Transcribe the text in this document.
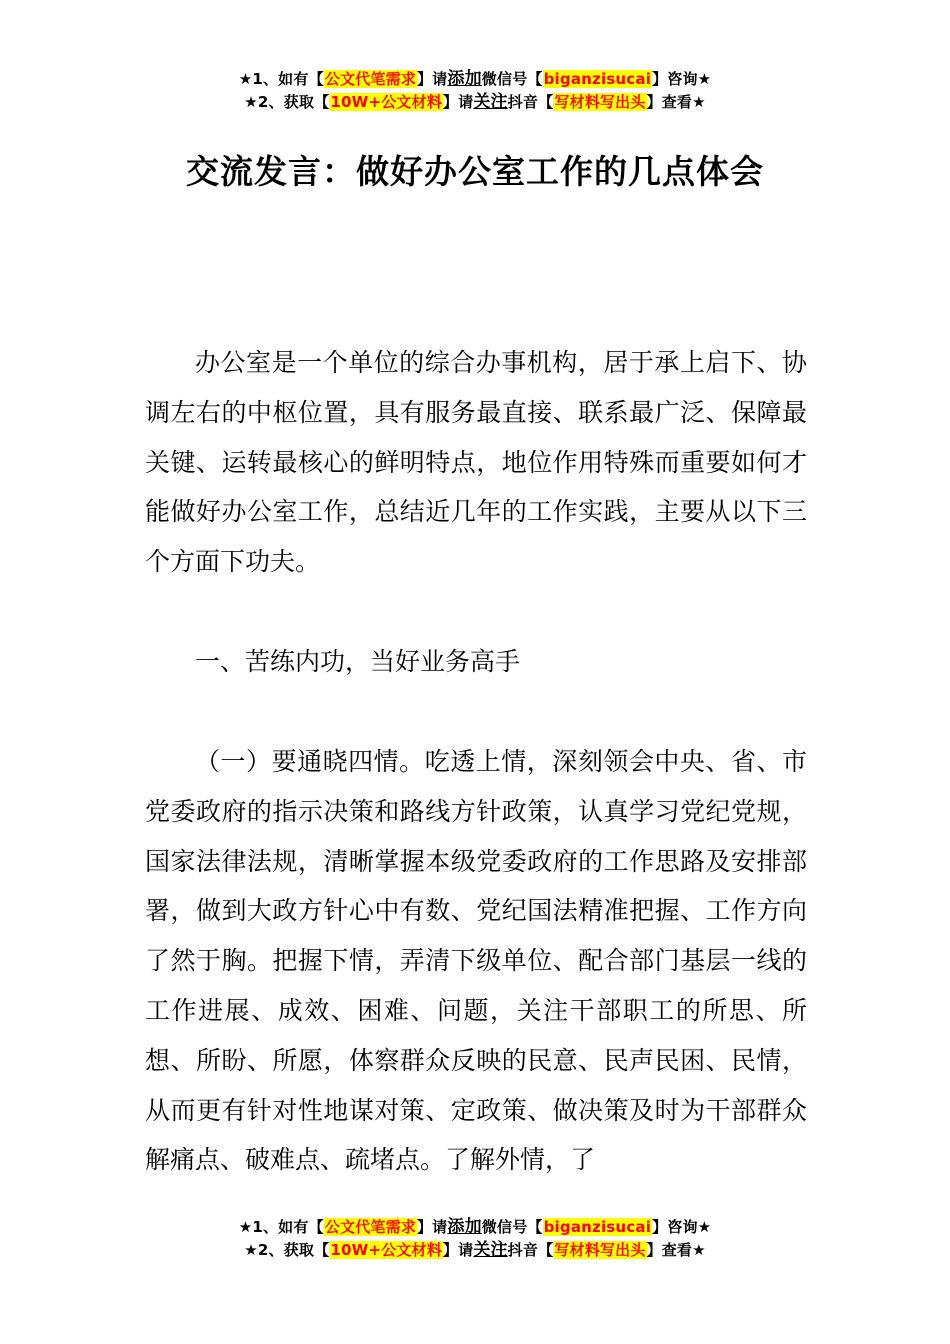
★1、如有【公文代笔需求】请添加微信号【biganzisucai】咨询★
★2、获取【10W+公文材料】请关注抖音【写材料写出头】查看★
交流发言：做好办公室工作的几点体会

办公室是一个单位的综合办事机构，居于承上启下、协调左右的中枢位置，具有服务最直接、联系最广泛、保障最关键、运转最核心的鲜明特点，地位作用特殊而重要如何才能做好办公室工作，总结近几年的工作实践，主要从以下三个方面下功夫。

一、苦练内功，当好业务高手

（一）要通晓四情。吃透上情，深刻领会中央、省、市党委政府的指示决策和路线方针政策，认真学习党纪党规，国家法律法规，清晰掌握本级党委政府的工作思路及安排部署，做到大政方针心中有数、党纪国法精准把握、工作方向了然于胸。把握下情，弄清下级单位、配合部门基层一线的工作进展、成效、困难、问题，关注干部职工的所思、所想、所盼、所愿，体察群众反映的民意、民声民困、民情，从而更有针对性地谋对策、定政策、做决策及时为干部群众解痛点、破难点、疏堵点。了解外情，了

★1、如有【公文代笔需求】请添加微信号【biganzisucai】咨询★
★2、获取【10W+公文材料】请关注抖音【写材料写出头】查看★
